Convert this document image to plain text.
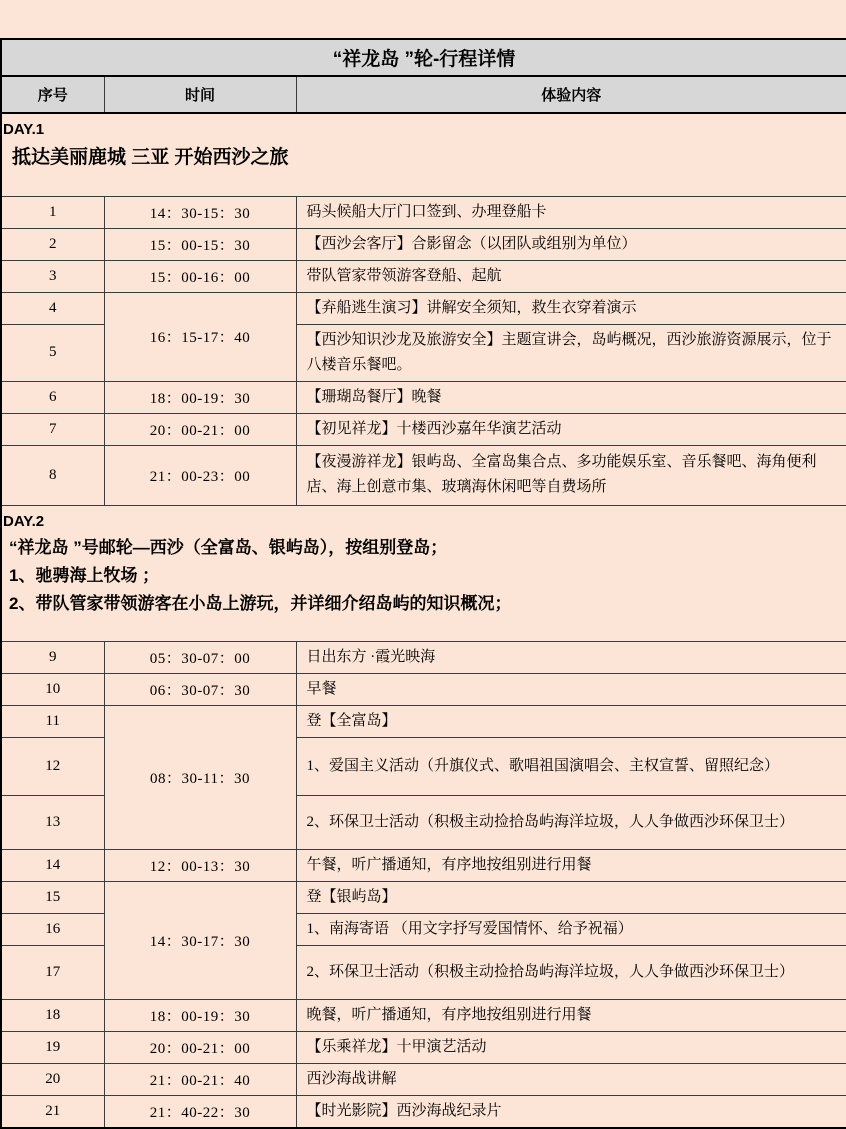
“祥龙岛 ”轮-行程详情		
序号	时间	体验内容

DAY.1
抵达美丽鹿城 三亚 开始西沙之旅		

1	14：30-15：30	码头候船大厅门口签到、办理登船卡
2	15：00-15：30	【西沙会客厅】合影留念（以团队或组别为单位）
3	15：00-16：00	带队管家带领游客登船、起航
4	16：15-17：40	【弃船逃生演习】讲解安全须知，救生衣穿着演示
5		【西沙知识沙龙及旅游安全】主题宣讲会，岛屿概况，西沙旅游资源展示，位于八楼音乐餐吧。
6	18：00-19：30	【珊瑚岛餐厅】晚餐
7	20：00-21：00	【初见祥龙】十楼西沙嘉年华演艺活动
8	21：00-23：00	【夜漫游祥龙】银屿岛、全富岛集合点、多功能娱乐室、音乐餐吧、海角便利店、海上创意市集、玻璃海休闲吧等自费场所

DAY.2
“祥龙岛 ”号邮轮—西沙（全富岛、银屿岛），按组别登岛；
1、驰骋海上牧场 ；
2、带队管家带领游客在小岛上游玩，并详细介绍岛屿的知识概况；		

9	05：30-07：00	日出东方 ·霞光映海
10	06：30-07：30	早餐
11	08：30-11：30	登【全富岛】
12		1、爱国主义活动（升旗仪式、歌唱祖国演唱会、主权宣誓、留照纪念）
13		2、环保卫士活动（积极主动捡拾岛屿海洋垃圾，人人争做西沙环保卫士）
14	12：00-13：30	午餐，听广播通知，有序地按组别进行用餐
15	14：30-17：30	登【银屿岛】
16		1、南海寄语 （用文字抒写爱国情怀、给予祝福）
17		2、环保卫士活动（积极主动捡拾岛屿海洋垃圾，人人争做西沙环保卫士）
18	18：00-19：30	晚餐，听广播通知，有序地按组别进行用餐
19	20：00-21：00	【乐乘祥龙】十甲演艺活动
20	21：00-21：40	西沙海战讲解
21	21：40-22：30	【时光影院】西沙海战纪录片
